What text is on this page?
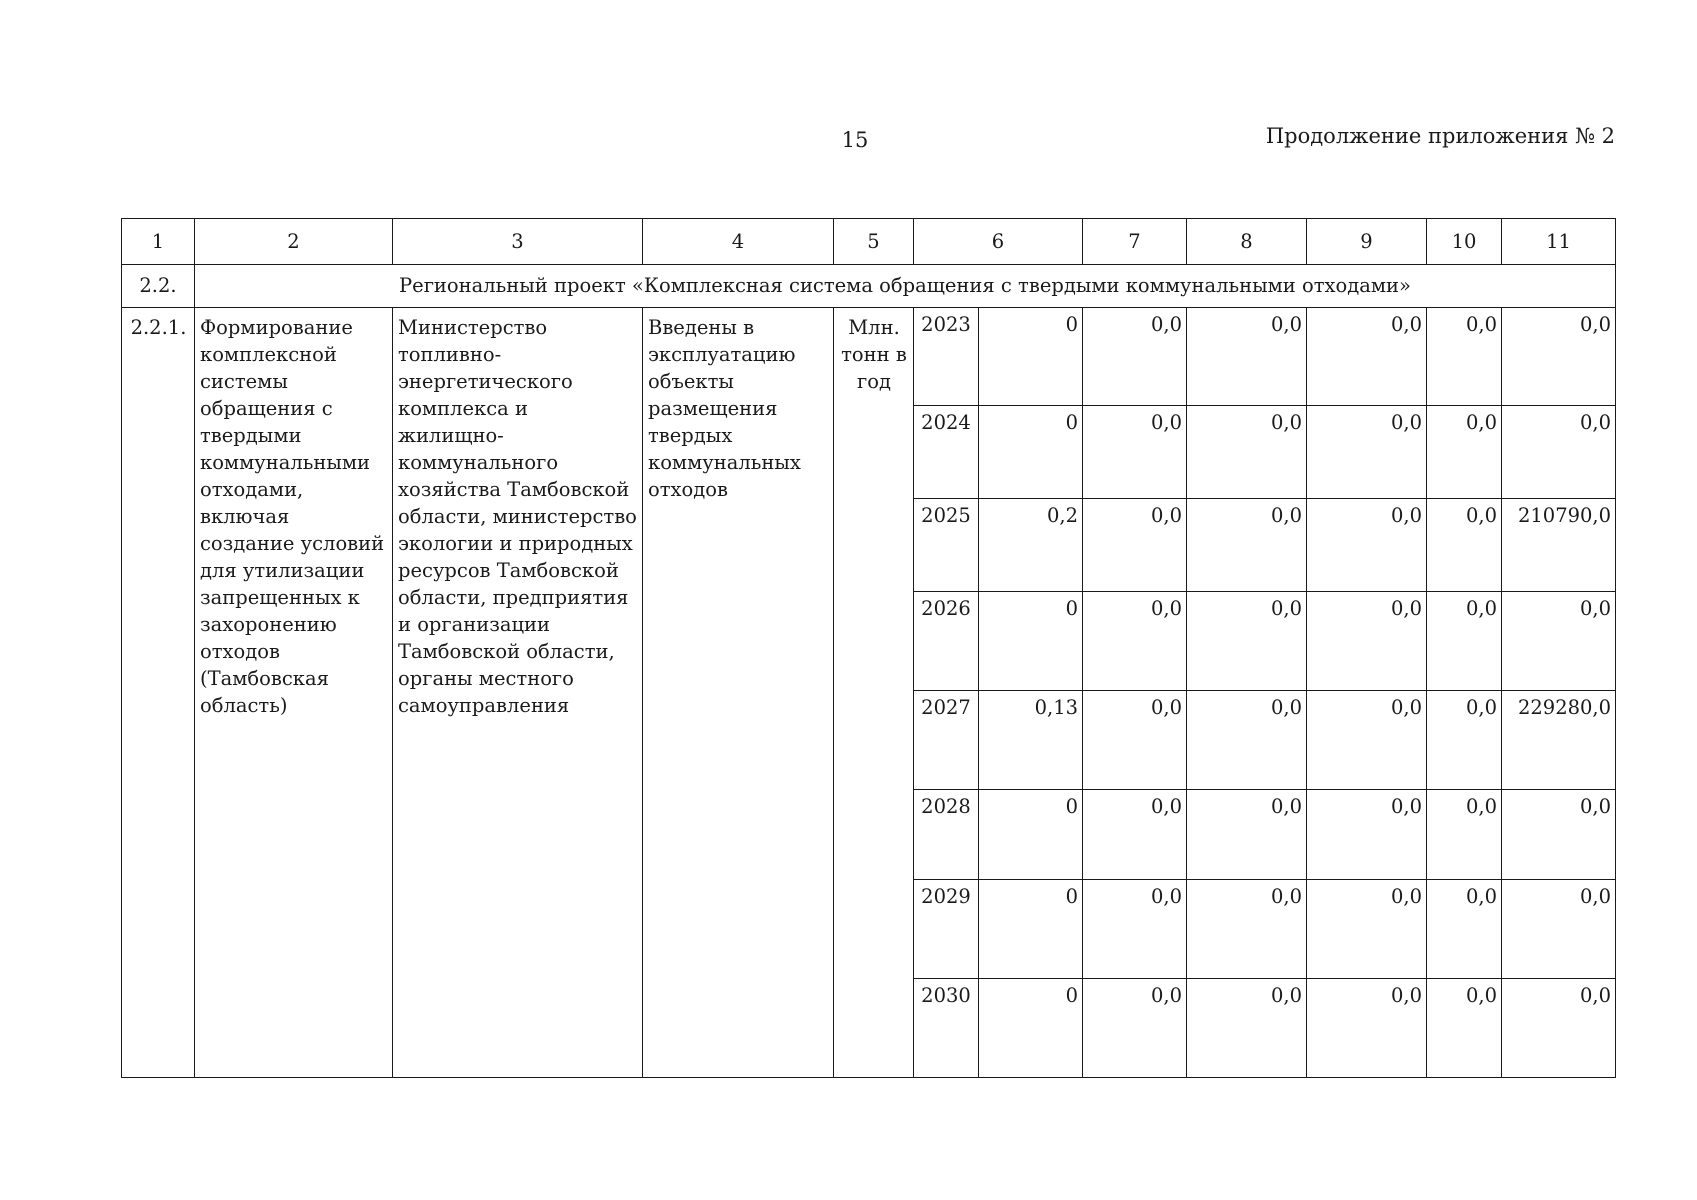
15	Продолжение приложения № 2
1	2	3	4	5	6		7	8	9	10	11
2.2.	Региональный проект «Комплексная система обращения с твердыми коммунальными отходами»										
2.2.1.	Формирование комплексной системы обращения с твердыми коммунальными отходами, включая создание условий для утилизации запрещенных к захоронению отходов (Тамбовская область)	Министерство топливно-энергетического комплекса и жилищно-коммунального хозяйства Тамбовской области, министерство экологии и природных ресурсов Тамбовской области, предприятия и организации Тамбовской области, органы местного самоуправления	Введены в эксплуатацию объекты размещения твердых коммунальных отходов	Млн. тонн в год	2023	0	0,0	0,0	0,0	0,0	0,0
					2024	0	0,0	0,0	0,0	0,0	0,0
					2025	0,2	0,0	0,0	0,0	0,0	210790,0
					2026	0	0,0	0,0	0,0	0,0	0,0
					2027	0,13	0,0	0,0	0,0	0,0	229280,0
					2028	0	0,0	0,0	0,0	0,0	0,0
					2029	0	0,0	0,0	0,0	0,0	0,0
					2030	0	0,0	0,0	0,0	0,0	0,0
